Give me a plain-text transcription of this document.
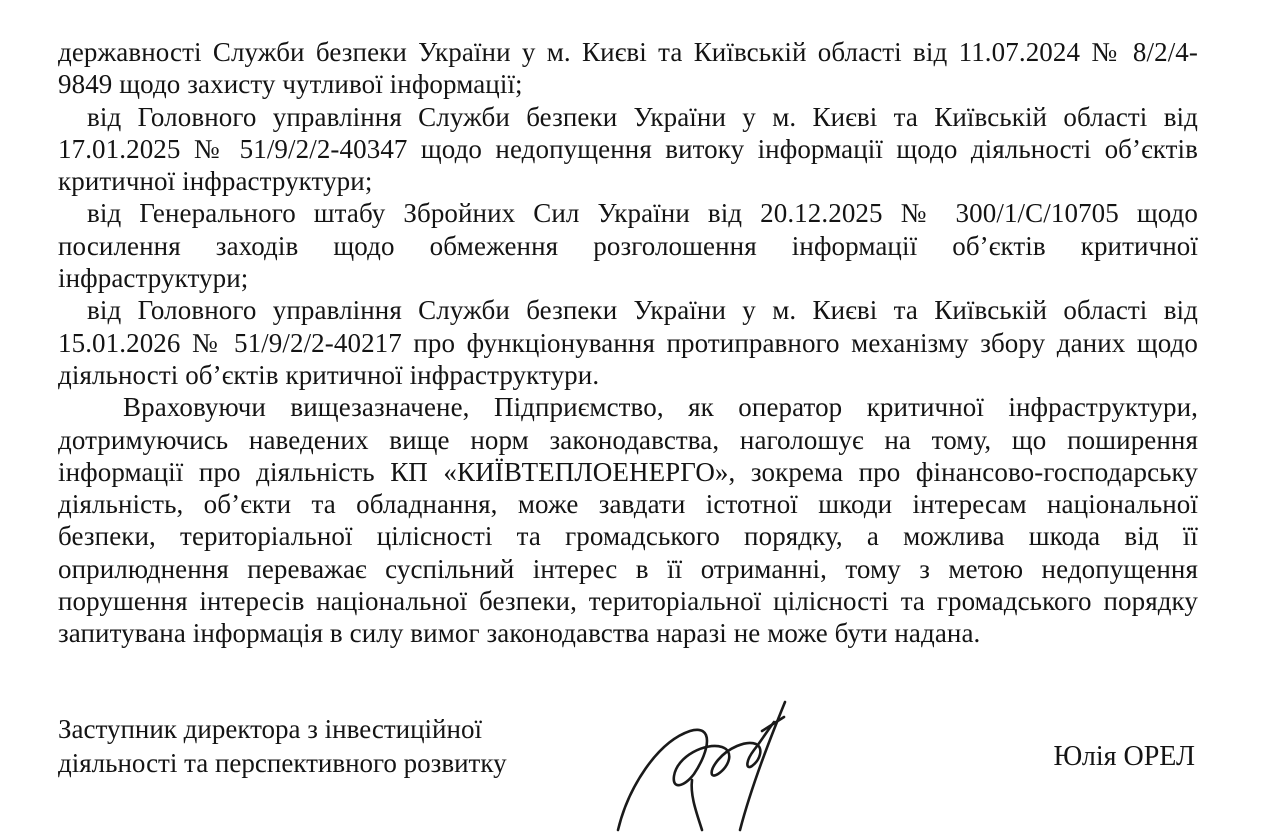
державності Служби безпеки України у м. Києві та Київській області від 11.07.2024 № 8/2/4-
9849 щодо захисту чутливої інформації;
від Головного управління Служби безпеки України у м. Києві та Київській області від
17.01.2025 № 51/9/2/2-40347 щодо недопущення витоку інформації щодо діяльності об’єктів
критичної інфраструктури;
від Генерального штабу Збройних Сил України від 20.12.2025 № 300/1/С/10705 щодо
посилення заходів щодо обмеження розголошення інформації об’єктів критичної
інфраструктури;
від Головного управління Служби безпеки України у м. Києві та Київській області від
15.01.2026 № 51/9/2/2-40217 про функціонування протиправного механізму збору даних щодо
діяльності об’єктів критичної інфраструктури.
Враховуючи вищезазначене, Підприємство, як оператор критичної інфраструктури,
дотримуючись наведених вище норм законодавства, наголошує на тому, що поширення
інформації про діяльність КП «КИЇВТЕПЛОЕНЕРГО», зокрема про фінансово-господарську
діяльність, об’єкти та обладнання, може завдати істотної шкоди інтересам національної
безпеки, територіальної цілісності та громадського порядку, а можлива шкода від її
оприлюднення переважає суспільний інтерес в її отриманні, тому з метою недопущення
порушення інтересів національної безпеки, територіальної цілісності та громадського порядку
запитувана інформація в силу вимог законодавства наразі не може бути надана.
Заступник директора з інвестиційної
діяльності та перспективного розвитку	Юлія ОРЕЛ
